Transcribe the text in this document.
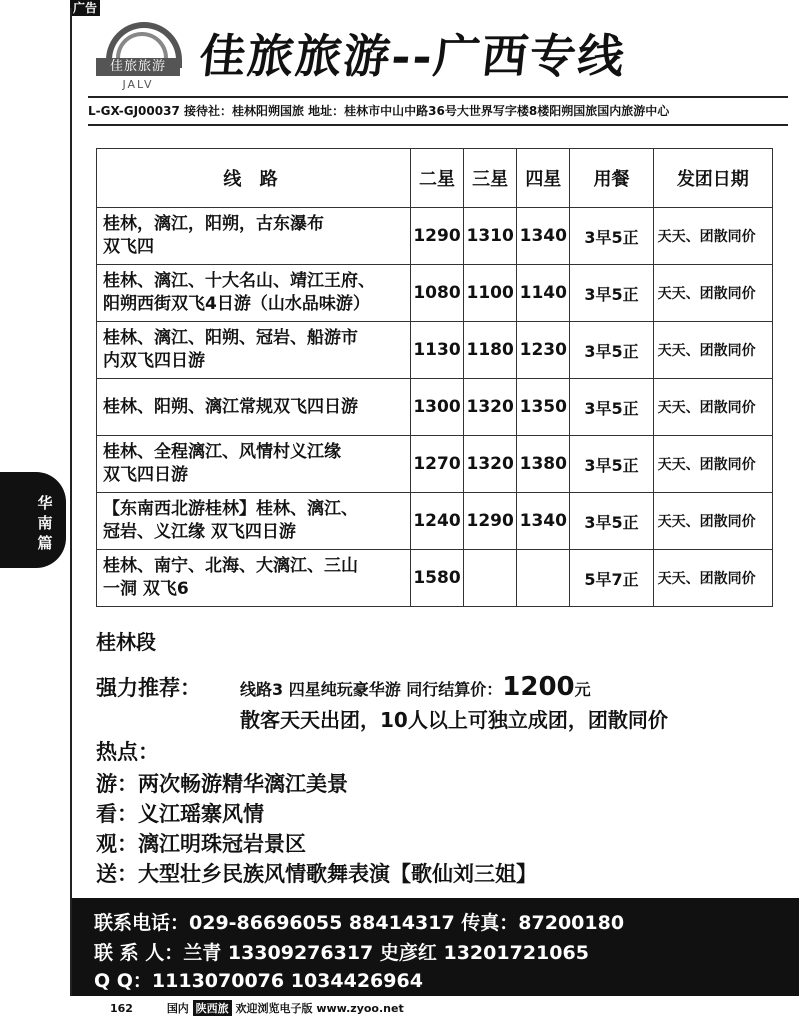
广告
佳旅旅游
JALV
佳旅旅游--广西专线
L-GX-GJ00037 接待社：桂林阳朔国旅 地址：桂林市中山中路36号大世界写字楼8楼阳朔国旅国内旅游中心
线 路	二星	三星	四星	用餐	发团日期

桂林，漓江，阳朔，古东瀑布
双飞四	1290	1310	1340	3早5正	天天、团散同价

桂林、漓江、十大名山、靖江王府、
阳朔西街双飞4日游（山水品味游）	1080	1100	1140	3早5正	天天、团散同价

桂林、漓江、阳朔、冠岩、船游市
内双飞四日游	1130	1180	1230	3早5正	天天、团散同价

桂林、阳朔、漓江常规双飞四日游	1300	1320	1350	3早5正	天天、团散同价

桂林、全程漓江、风情村义江缘
双飞四日游	1270	1320	1380	3早5正	天天、团散同价

【东南西北游桂林】桂林、漓江、
冠岩、义江缘 双飞四日游	1240	1290	1340	3早5正	天天、团散同价

桂林、南宁、北海、大漓江、三山
一洞 双飞6	1580			5早7正	天天、团散同价
华
南
篇
桂林段
强力推荐： 线路3 四星纯玩豪华游 同行结算价：1200元
散客天天出团，10人以上可独立成团，团散同价
热点：
游：两次畅游精华漓江美景
看：义江瑶寨风情
观：漓江明珠冠岩景区
送：大型壮乡民族风情歌舞表演【歌仙刘三姐】
联系电话：029-86696055 88414317 传真：87200180
联 系 人：兰青 13309276317 史彦红 13201721065
Q Q：1113070076 1034426964
162	国内 陕西旅 欢迎浏览电子版 www.zyoo.net
